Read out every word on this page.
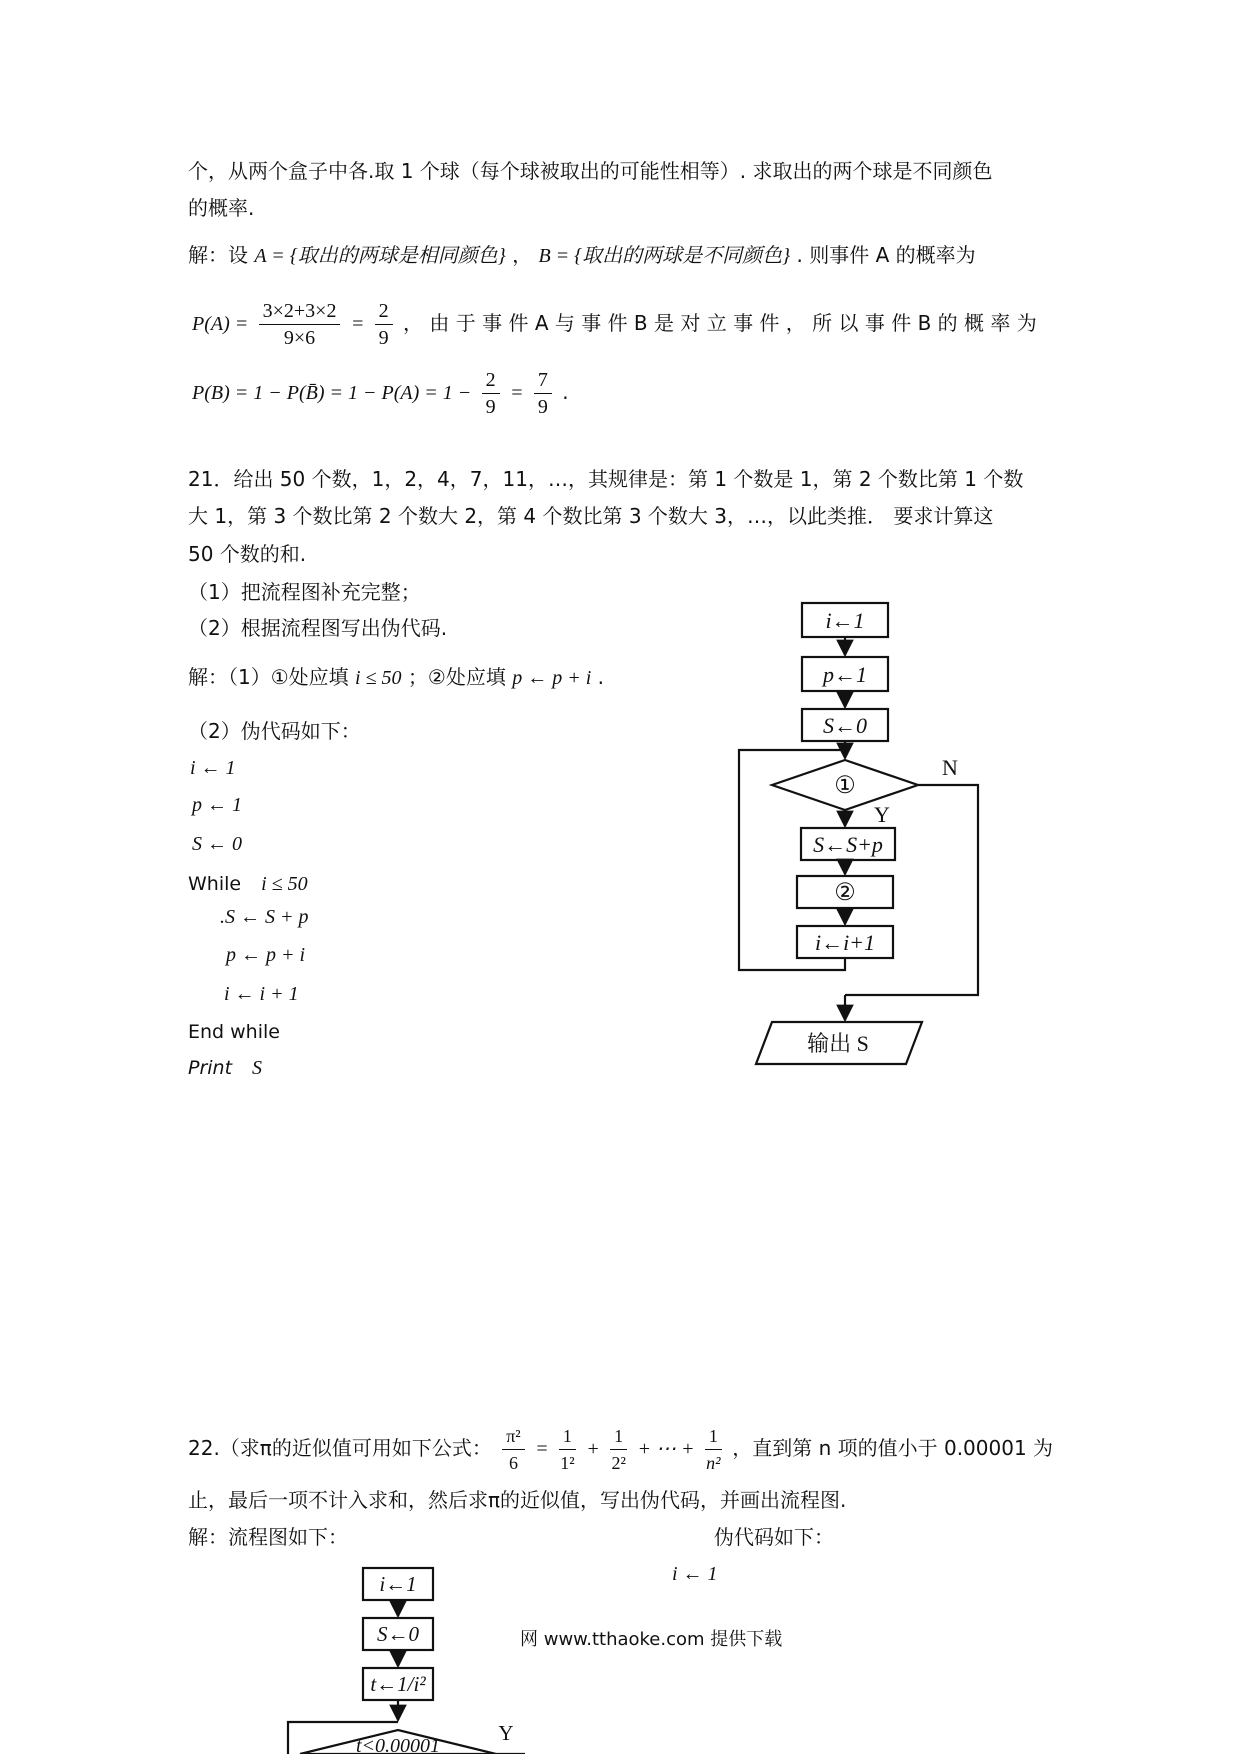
个，从两个盒子中各.取 1 个球（每个球被取出的可能性相等）. 求取出的两个球是不同颜色
的概率.
解：设 A = {取出的两球是相同颜色} ， B = {取出的两球是不同颜色} . 则事件 A 的概率为
$P(A) = \frac{3\times 2+3\times 2}{9\times 6} = \frac{2}{9}$ ， 由 于 事 件 A 与 事 件 B 是 对 立 事 件 ， 所 以 事 件 B 的 概 率 为
P(B) = 1 − P(B̄) = $1 - P(A) = 1 - \frac{2}{9} = \frac{7}{9}$ .
21．给出 50 个数，1，2，4，7，11，…，其规律是：第 1 个数是 1，第 2 个数比第 1 个数
大 1，第 3 个数比第 2 个数大 2，第 4 个数比第 3 个数大 3，…，以此类推． 要求计算这
50 个数的和.
（1）把流程图补充完整；
（2）根据流程图写出伪代码.
解：（1）①处应填 i ≤ 50 ；②处应填 p ← p + i .
（2）伪代码如下：
i ← 1
p ← 1
S ← 0
While    i ≤ 50
.S ← S + p
p ← p + i
i ← i + 1
End while
Print    S
i←1
p←1
S←0
①
N
Y
S←S+p
②
i←i+1
输出 S
22.（求π的近似值可用如下公式： $\frac{\text{π²}}{6} = \frac{1}{\text{1²}} + \frac{1}{\text{2²}}$ + ⋯ + $\frac{1}{\text{n²}}$ ，直到第 n 项的值小于 0.00001 为
止，最后一项不计入求和，然后求π的近似值，写出伪代码，并画出流程图.
解：流程图如下：	伪代码如下：
i ← 1
网 www.tthaoke.com 提供下载
i←1
S←0
t←1/i²
t<0.00001
Y
